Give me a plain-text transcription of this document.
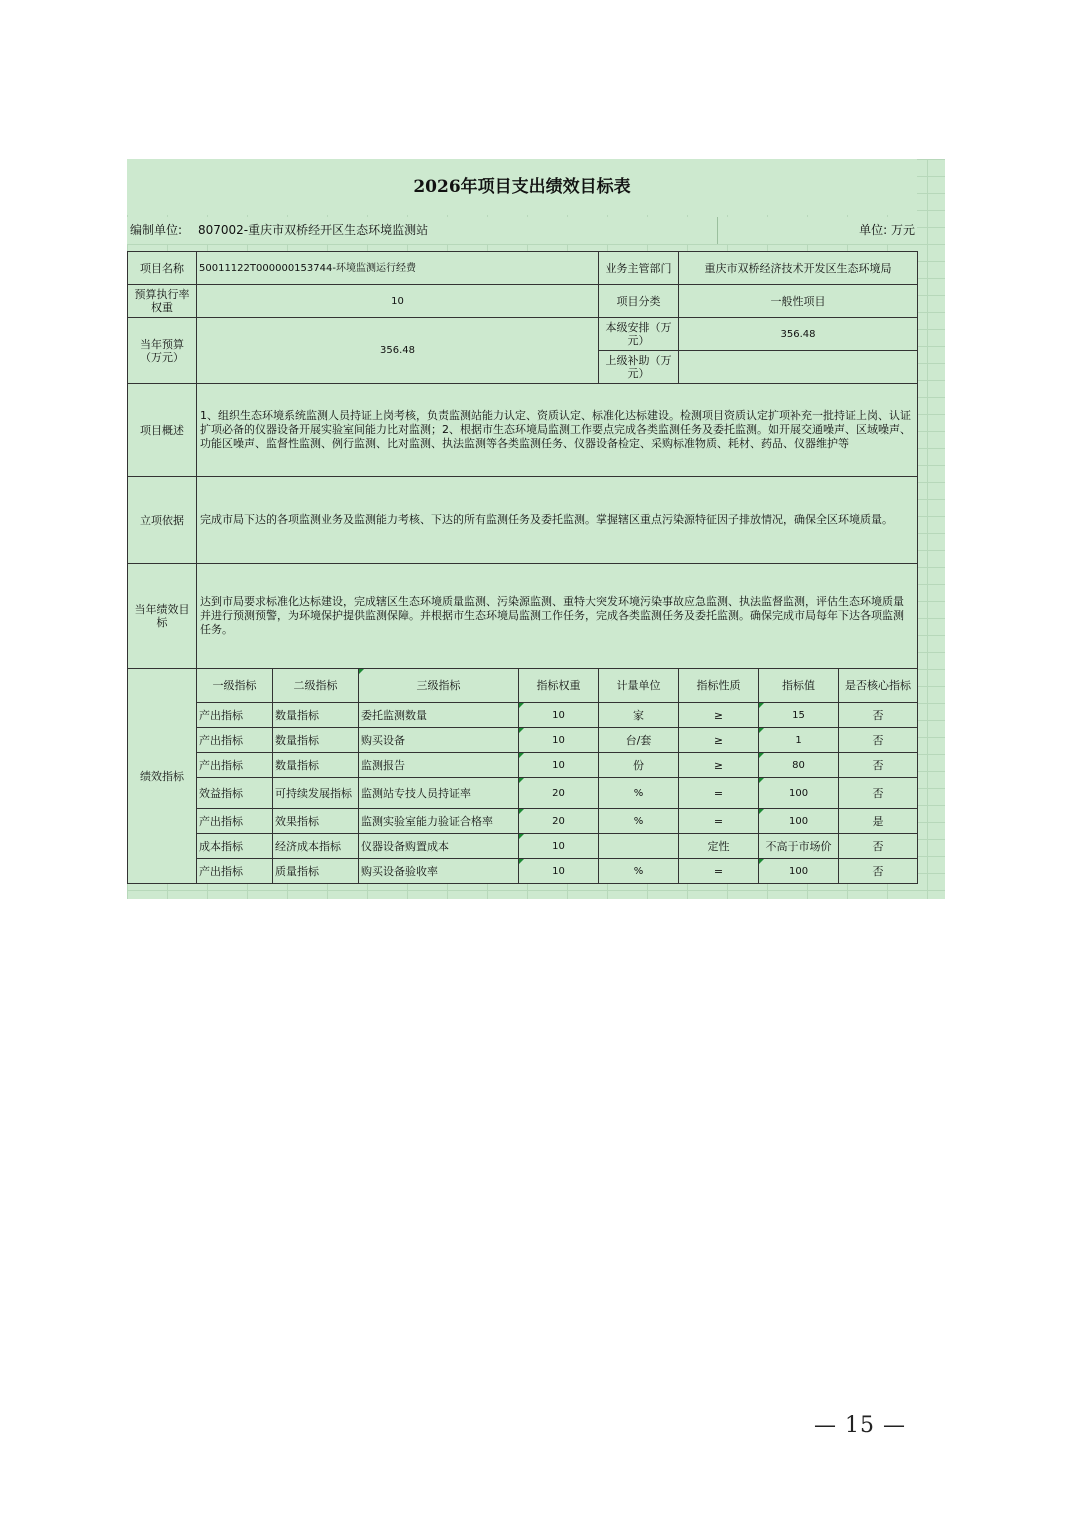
2026年项目支出绩效目标表
编制单位: 807002-重庆市双桥经开区生态环境监测站	单位: 万元
项目名称	50011122T000000153744-环境监测运行经费				业务主管部门	重庆市双桥经济技术开发区生态环境局		
预算执行率权重	10				项目分类	一般性项目		
当年预算（万元）	356.48				本级安排（万元）	356.48		
					上级补助（万元）			
项目概述	1、组织生态环境系统监测人员持证上岗考核，负责监测站能力认定、资质认定、标准化达标建设。检测项目资质认定扩项补充一批持证上岗、认证扩项必备的仪器设备开展实验室间能力比对监测；2、根据市生态环境局监测工作要点完成各类监测任务及委托监测。如开展交通噪声、区域噪声、功能区噪声、监督性监测、例行监测、比对监测、执法监测等各类监测任务、仪器设备检定、采购标准物质、耗材、药品、仪器维护等							
立项依据	完成市局下达的各项监测业务及监测能力考核、下达的所有监测任务及委托监测。掌握辖区重点污染源特征因子排放情况，确保全区环境质量。							
当年绩效目标	达到市局要求标准化达标建设，完成辖区生态环境质量监测、污染源监测、重特大突发环境污染事故应急监测、执法监督监测，评估生态环境质量并进行预测预警，为环境保护提供监测保障。并根据市生态环境局监测工作任务，完成各类监测任务及委托监测。确保完成市局每年下达各项监测任务。							
绩效指标	一级指标	二级指标	三级指标	指标权重	计量单位	指标性质	指标值	是否核心指标
	产出指标	数量指标	委托监测数量	10	家	≥	15	否
	产出指标	数量指标	购买设备	10	台/套	≥	1	否
	产出指标	数量指标	监测报告	10	份	≥	80	否
	效益指标	可持续发展指标	监测站专技人员持证率	20	%	=	100	否
	产出指标	效果指标	监测实验室能力验证合格率	20	%	=	100	是
	成本指标	经济成本指标	仪器设备购置成本	10		定性	不高于市场价	否
	产出指标	质量指标	购买设备验收率	10	%	=	100	否
— 15 —
